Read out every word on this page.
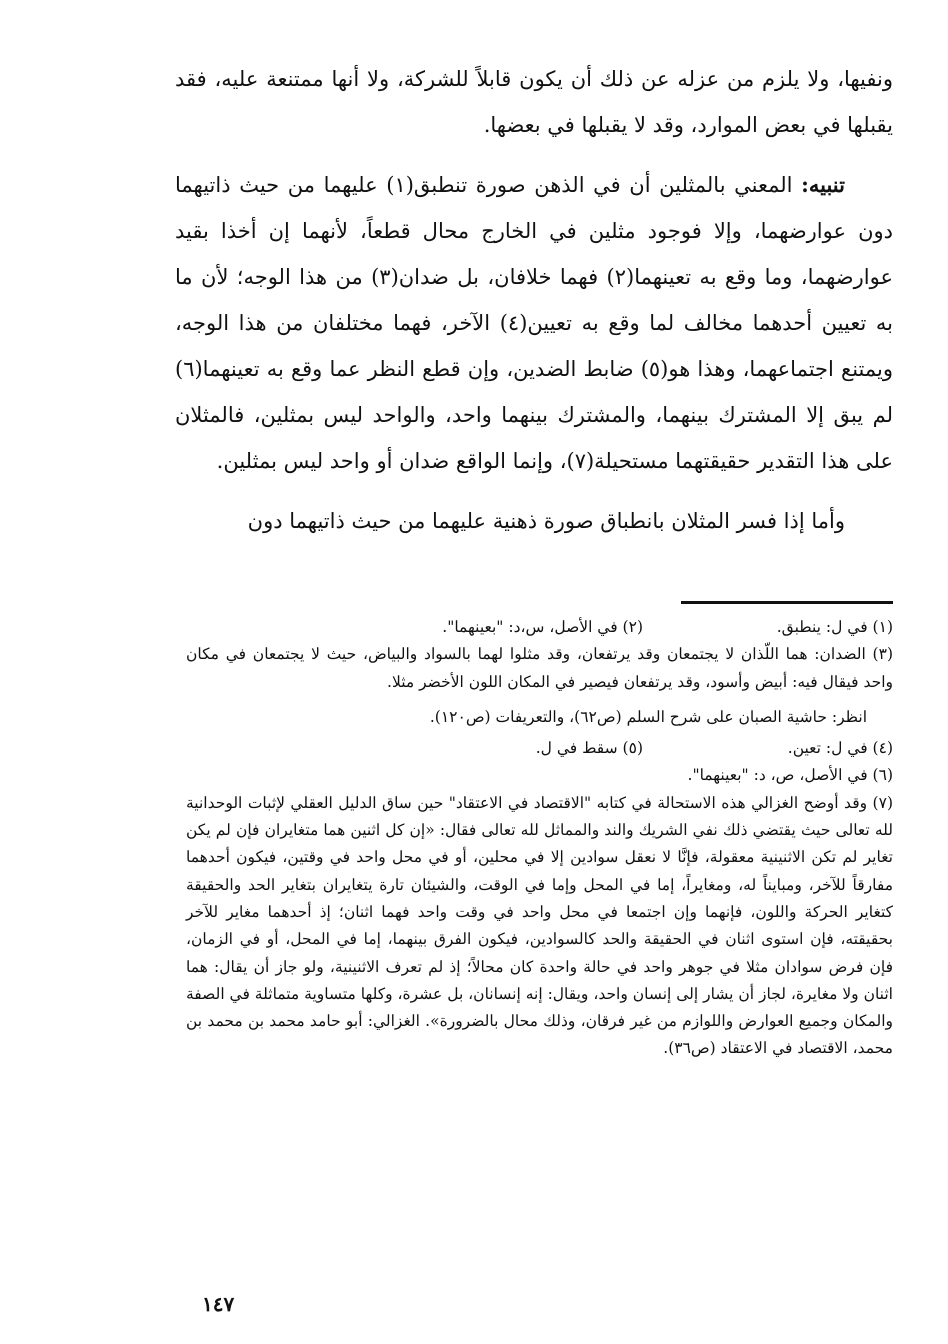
ونفيها، ولا يلزم من عزله عن ذلك أن يكون قابلاً للشركة، ولا أنها ممتنعة عليه، فقد يقبلها في بعض الموارد، وقد لا يقبلها في بعضها.

تنبيه: المعني بالمثلين أن في الذهن صورة تنطبق(١) عليهما من حيث ذاتيهما دون عوارضهما، وإلا فوجود مثلين في الخارج محال قطعاً، لأنهما إن أخذا بقيد عوارضهما، وما وقع به تعينهما(٢) فهما خلافان، بل ضدان(٣) من هذا الوجه؛ لأن ما به تعيين أحدهما مخالف لما وقع به تعيين(٤) الآخر، فهما مختلفان من هذا الوجه، ويمتنع اجتماعهما، وهذا هو(٥) ضابط الضدين، وإن قطع النظر عما وقع به تعينهما(٦) لم يبق إلا المشترك بينهما، والمشترك بينهما واحد، والواحد ليس بمثلين، فالمثلان على هذا التقدير حقيقتهما مستحيلة(٧)، وإنما الواقع ضدان أو واحد ليس بمثلين.

وأما إذا فسر المثلان بانطباق صورة ذهنية عليهما من حيث ذاتيهما دون

(١) في ل: ينطبق.
(٢) في الأصل، س،د: "بعينهما".

(٣) الضدان: هما اللّذان لا يجتمعان وقد يرتفعان، وقد مثلوا لهما بالسواد والبياض، حيث لا يجتمعان في مكان واحد فيقال فيه: أبيض وأسود، وقد يرتفعان فيصير في المكان اللون الأخضر مثلا.

انظر: حاشية الصبان على شرح السلم (ص٦٢)، والتعريفات (ص١٢٠).

(٤) في ل: تعين.
(٥) سقط في ل.

(٦) في الأصل، ص، د: "بعينهما".

(٧) وقد أوضح الغزالي هذه الاستحالة في كتابه "الاقتصاد في الاعتقاد" حين ساق الدليل العقلي لإثبات الوحدانية لله تعالى حيث يقتضي ذلك نفي الشريك والند والمماثل لله تعالى فقال: «إن كل اثنين هما متغايران فإن لم يكن تغاير لم تكن الاثنينية معقولة، فإنَّا لا نعقل سوادين إلا في محلين، أو في محل واحد في وقتين، فيكون أحدهما مفارقاً للآخر، ومبايناً له، ومغايراً، إما في المحل وإما في الوقت، والشيئان تارة يتغايران بتغاير الحد والحقيقة كتغاير الحركة واللون، فإنهما وإن اجتمعا في محل واحد في وقت واحد فهما اثنان؛ إذ أحدهما مغاير للآخر بحقيقته، فإن استوى اثنان في الحقيقة والحد كالسوادين، فيكون الفرق بينهما، إما في المحل، أو في الزمان، فإن فرض سوادان مثلا في جوهر واحد في حالة واحدة كان محالاً؛ إذ لم تعرف الاثنينية، ولو جاز أن يقال: هما اثنان ولا مغايرة، لجاز أن يشار إلى إنسان واحد، ويقال: إنه إنسانان، بل عشرة، وكلها متساوية متماثلة في الصفة والمكان وجميع العوارض واللوازم من غير فرقان، وذلك محال بالضرورة». الغزالي: أبو حامد محمد بن محمد بن محمد، الاقتصاد في الاعتقاد (ص٣٦).

١٤٧
